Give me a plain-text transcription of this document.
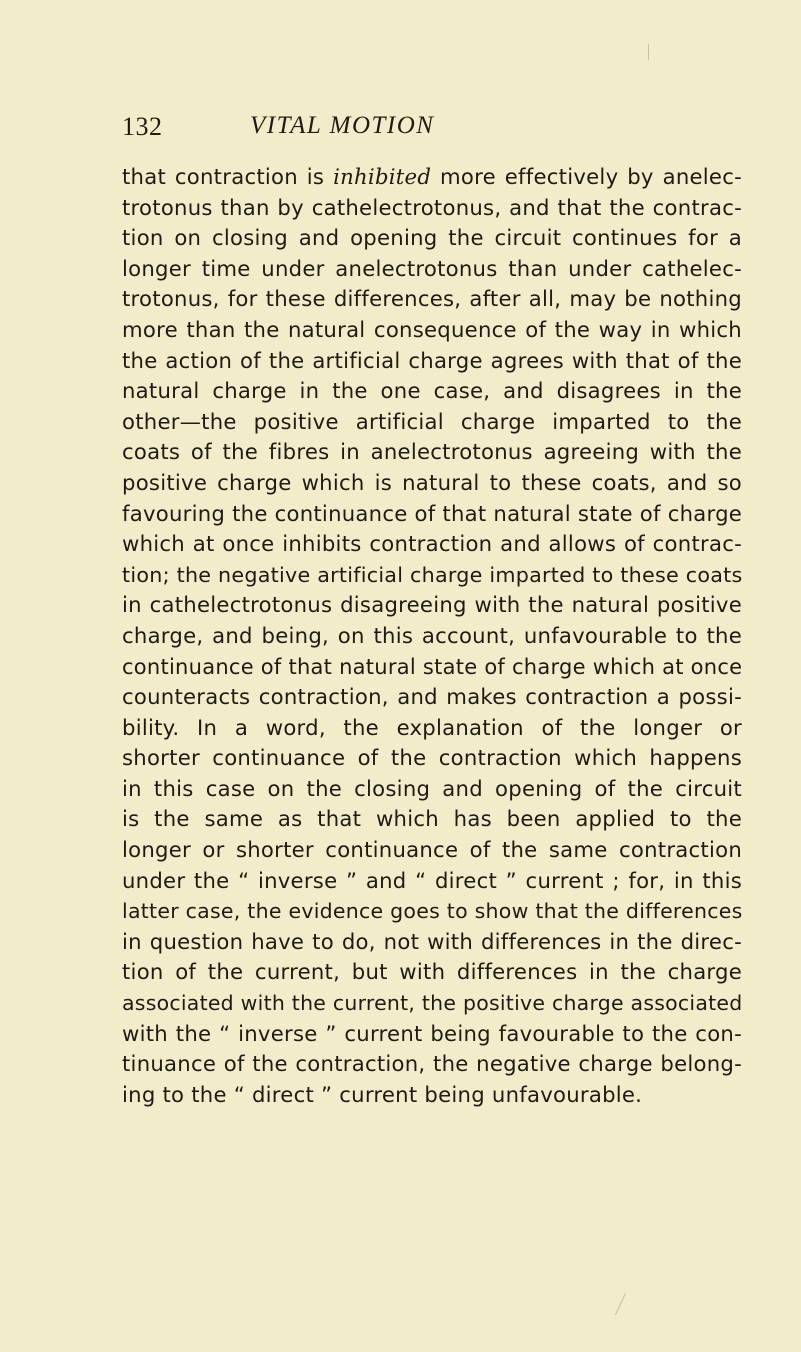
132	VITAL MOTION

that contraction is inhibited more effectively by anelec-
trotonus than by cathelectrotonus, and that the contrac-
tion on closing and opening the circuit continues for a
longer time under anelectrotonus than under cathelec-
trotonus, for these differences, after all, may be nothing
more than the natural consequence of the way in which
the action of the artificial charge agrees with that of the
natural charge in the one case, and disagrees in the
other—the positive artificial charge imparted to the
coats of the fibres in anelectrotonus agreeing with the
positive charge which is natural to these coats, and so
favouring the continuance of that natural state of charge
which at once inhibits contraction and allows of contrac-
tion; the negative artificial charge imparted to these coats
in cathelectrotonus disagreeing with the natural positive
charge, and being, on this account, unfavourable to the
continuance of that natural state of charge which at once
counteracts contraction, and makes contraction a possi-
bility. In a word, the explanation of the longer or
shorter continuance of the contraction which happens
in this case on the closing and opening of the circuit
is the same as that which has been applied to the
longer or shorter continuance of the same contraction
under the “ inverse ” and “ direct ” current ; for, in this
latter case, the evidence goes to show that the differences
in question have to do, not with differences in the direc-
tion of the current, but with differences in the charge
associated with the current, the positive charge associated
with the “ inverse ” current being favourable to the con-
tinuance of the contraction, the negative charge belong-
ing to the “ direct ” current being unfavourable.
